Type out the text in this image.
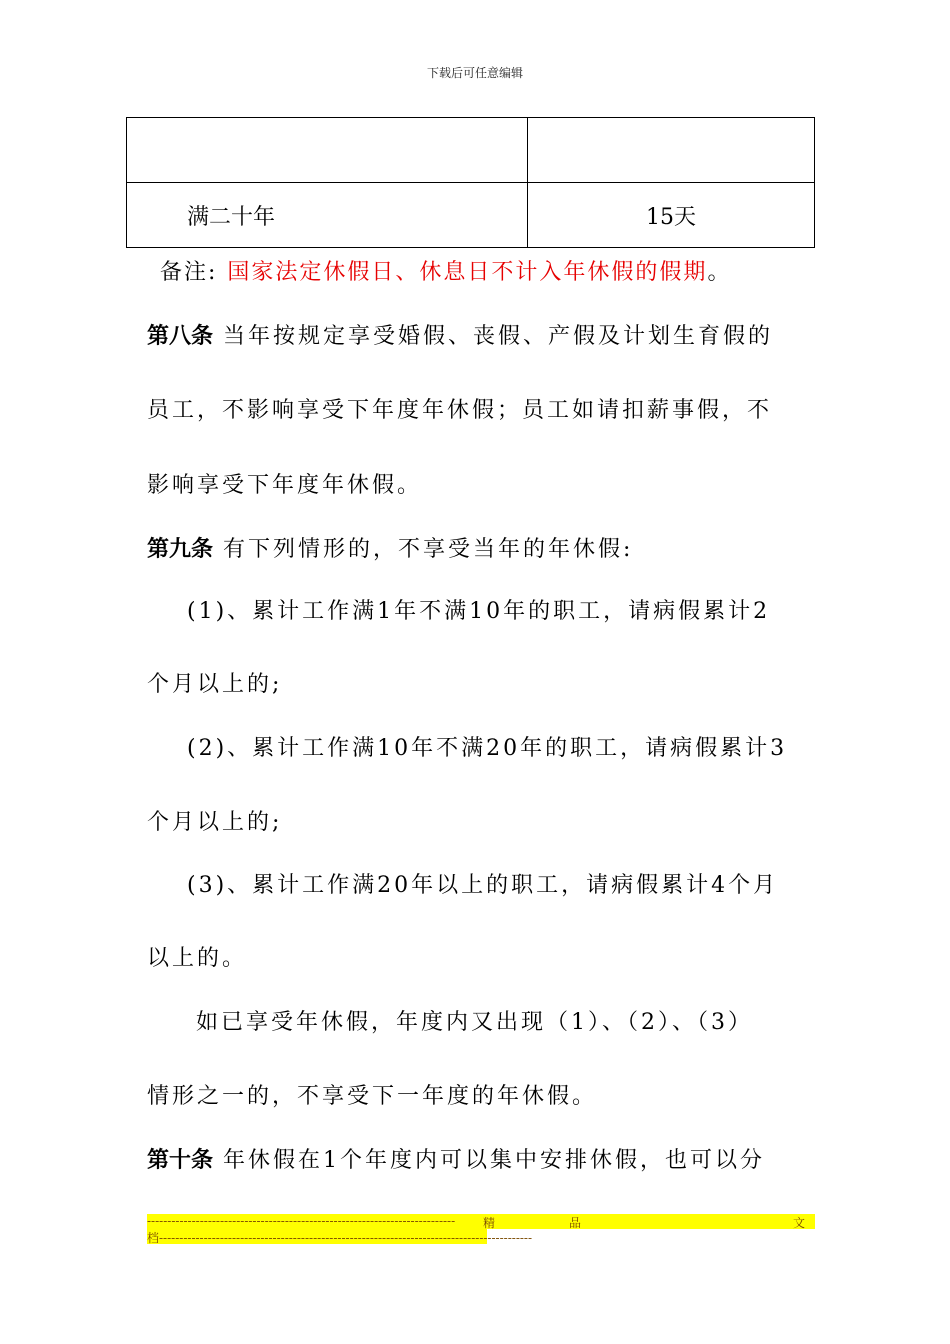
下载后可任意编辑

满二十年	15天
备注: 国家法定休假日、休息日不计入年休假的假期。
第八条 当年按规定享受婚假、丧假、产假及计划生育假的
员工，不影响享受下年度年休假；员工如请扣薪事假，不
影响享受下年度年休假。
第九条 有下列情形的，不享受当年的年休假:
(1)、累计工作满1年不满10年的职工，请病假累计2
个月以上的;
(2)、累计工作满10年不满20年的职工，请病假累计3
个月以上的;
(3)、累计工作满20年以上的职工，请病假累计4个月
以上的。
如已享受年休假，年度内又出现（1）、（2）、（3）
情形之一的，不享受下一年度的年休假。
第十条 年休假在1个年度内可以集中安排休假，也可以分
---------------------------------------------------------------------------- 精	品	文
档--------------------------------------------------------------------------------------------
